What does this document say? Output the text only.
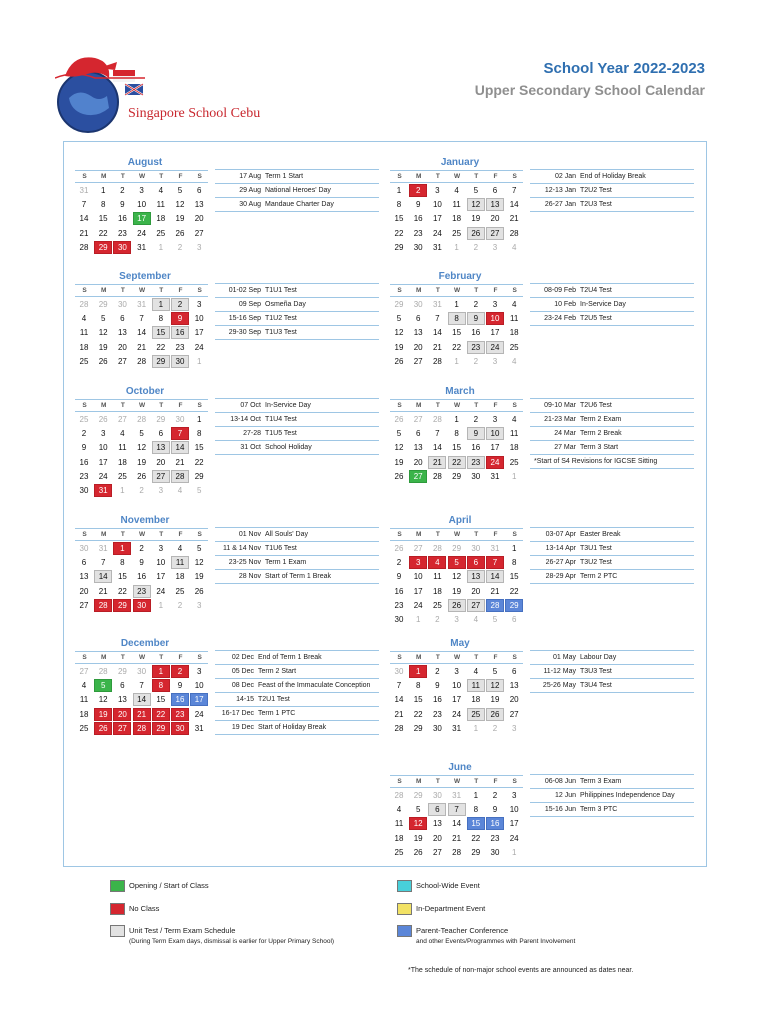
Singapore School Cebu
School Year 2022-2023
Upper Secondary School Calendar
August
S	M	T	W	T	F	S
31	1	2	3	4	5	6
7	8	9	10	11	12	13
14	15	16	17	18	19	20
21	22	23	24	25	26	27
28	29	30	31	1	2	3
17 Aug Term 1 Start
29 Aug National Heroes' Day
30 Aug Mandaue Charter Day
September
S	M	T	W	T	F	S
28	29	30	31	1	2	3
4	5	6	7	8	9	10
11	12	13	14	15	16	17
18	19	20	21	22	23	24
25	26	27	28	29	30	1
01-02 Sep T1U1 Test
09 Sep Osmeña Day
15-16 Sep T1U2 Test
29-30 Sep T1U3 Test
October
S	M	T	W	T	F	S
25	26	27	28	29	30	1
2	3	4	5	6	7	8
9	10	11	12	13	14	15
16	17	18	19	20	21	22
23	24	25	26	27	28	29
30	31	1	2	3	4	5
07 Oct In-Service Day
13-14 Oct T1U4 Test
27-28 T1U5 Test
31 Oct School Holiday
November
S	M	T	W	T	F	S
30	31	1	2	3	4	5
6	7	8	9	10	11	12
13	14	15	16	17	18	19
20	21	22	23	24	25	26
27	28	29	30	1	2	3
01 Nov All Souls' Day
11 & 14 Nov T1U6 Test
23-25 Nov Term 1 Exam
28 Nov Start of Term 1 Break
December
S	M	T	W	T	F	S
27	28	29	30	1	2	3
4	5	6	7	8	9	10
11	12	13	14	15	16	17
18	19	20	21	22	23	24
25	26	27	28	29	30	31
02 Dec End of Term 1 Break
05 Dec Term 2 Start
08 Dec Feast of the Immaculate Conception
14-15 T2U1 Test
16-17 Dec Term 1 PTC
19 Dec Start of Holiday Break
January
S	M	T	W	T	F	S
1	2	3	4	5	6	7
8	9	10	11	12	13	14
15	16	17	18	19	20	21
22	23	24	25	26	27	28
29	30	31	1	2	3	4
02 Jan End of Holiday Break
12-13 Jan T2U2 Test
26-27 Jan T2U3 Test
February
S	M	T	W	T	F	S
29	30	31	1	2	3	4
5	6	7	8	9	10	11
12	13	14	15	16	17	18
19	20	21	22	23	24	25
26	27	28	1	2	3	4
08-09 Feb T2U4 Test
10 Feb In-Service Day
23-24 Feb T2U5 Test
March
S	M	T	W	T	F	S
26	27	28	1	2	3	4
5	6	7	8	9	10	11
12	13	14	15	16	17	18
19	20	21	22	23	24	25
26	27	28	29	30	31	1
09-10 Mar T2U6 Test
21-23 Mar Term 2 Exam
24 Mar Term 2 Break
27 Mar Term 3 Start
*Start of S4 Revisions for IGCSE Sitting
April
S	M	T	W	T	F	S
26	27	28	29	30	31	1
2	3	4	5	6	7	8
9	10	11	12	13	14	15
16	17	18	19	20	21	22
23	24	25	26	27	28	29
30	1	2	3	4	5	6
03-07 Apr Easter Break
13-14 Apr T3U1 Test
26-27 Apr T3U2 Test
28-29 Apr Term 2 PTC
May
S	M	T	W	T	F	S
30	1	2	3	4	5	6
7	8	9	10	11	12	13
14	15	16	17	18	19	20
21	22	23	24	25	26	27
28	29	30	31	1	2	3
01 May Labour Day
11-12 May T3U3 Test
25-26 May T3U4 Test
June
S	M	T	W	T	F	S
28	29	30	31	1	2	3
4	5	6	7	8	9	10
11	12	13	14	15	16	17
18	19	20	21	22	23	24
25	26	27	28	29	30	1
06-08 Jun Term 3 Exam
12 Jun Philippines Independence Day
15-16 Jun Term 3 PTC
Opening / Start of Class
No Class
Unit Test / Term Exam Schedule
(During Term Exam days, dismissal is earlier for Upper Primary School)
School-Wide Event
In-Department Event
Parent-Teacher Conference
and other Events/Programmes with Parent Involvement
*The schedule of non-major school events are announced as dates near.
